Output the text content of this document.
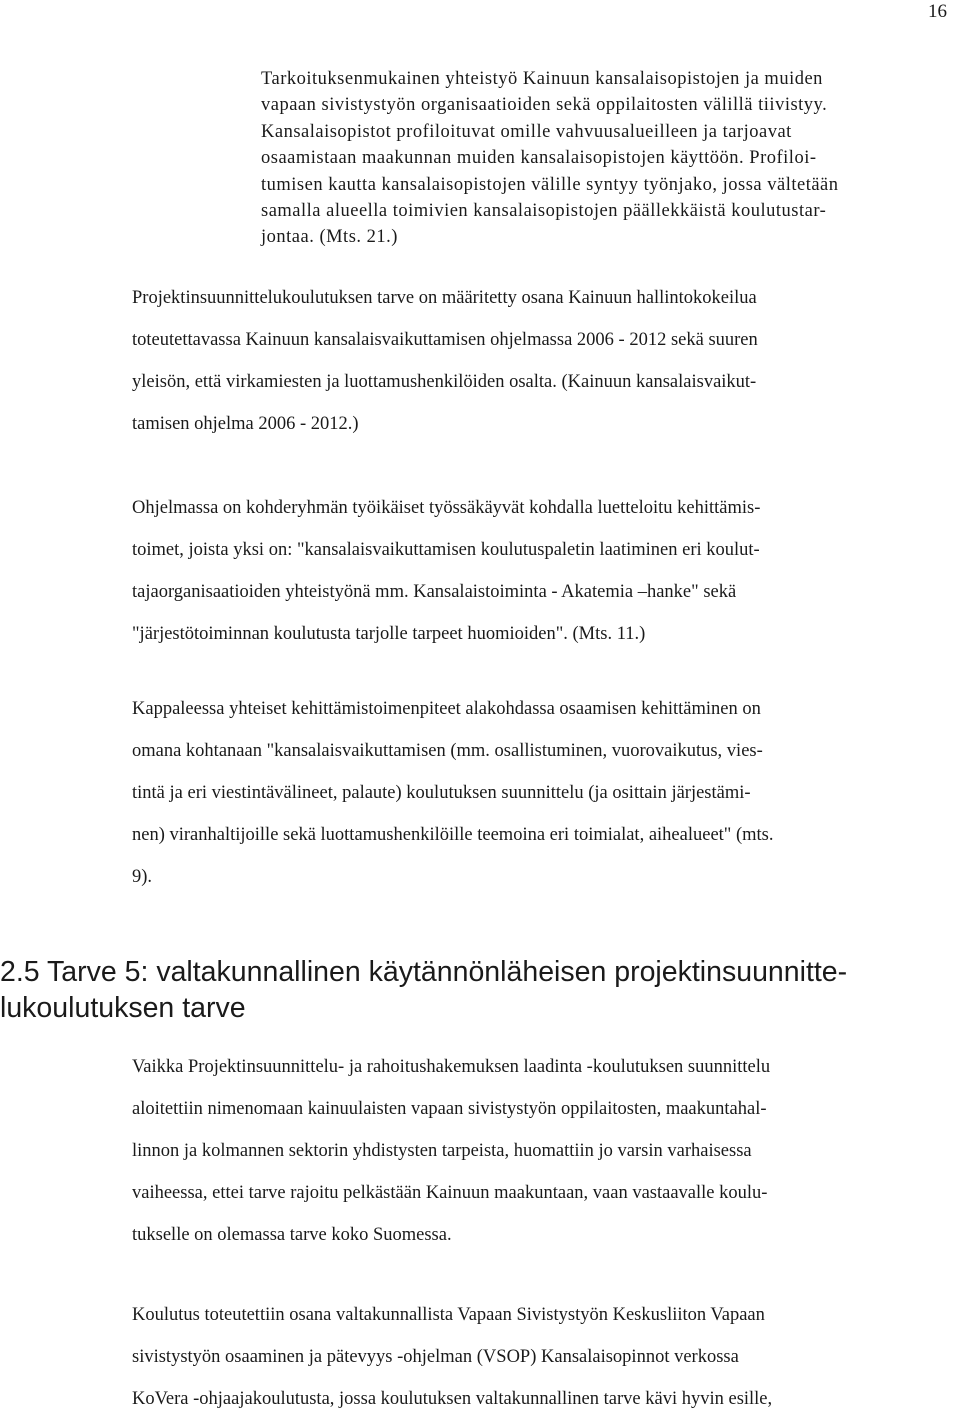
16
Tarkoituksenmukainen yhteistyö Kainuun kansalaisopistojen ja muiden
vapaan sivistystyön organisaatioiden sekä oppilaitosten välillä tiivistyy.
Kansalaisopistot profiloituvat omille vahvuusalueilleen ja tarjoavat
osaamistaan maakunnan muiden kansalaisopistojen käyttöön. Profiloi-
tumisen kautta kansalaisopistojen välille syntyy työnjako, jossa vältetään
samalla alueella toimivien kansalaisopistojen päällekkäistä koulutustar-
jontaa. (Mts. 21.)
Projektinsuunnittelukoulutuksen tarve on määritetty osana Kainuun hallintokokeilua
toteutettavassa Kainuun kansalaisvaikuttamisen ohjelmassa 2006 - 2012 sekä suuren
yleisön, että virkamiesten ja luottamushenkilöiden osalta. (Kainuun kansalaisvaikut-
tamisen ohjelma 2006 - 2012.)
Ohjelmassa on kohderyhmän työikäiset työssäkäyvät kohdalla luetteloitu kehittämis-
toimet, joista yksi on: "kansalaisvaikuttamisen koulutuspaletin laatiminen eri koulut-
tajaorganisaatioiden yhteistyönä mm. Kansalaistoiminta - Akatemia –hanke" sekä
"järjestötoiminnan koulutusta tarjolle tarpeet huomioiden". (Mts. 11.)
Kappaleessa yhteiset kehittämistoimenpiteet alakohdassa osaamisen kehittäminen on
omana kohtanaan "kansalaisvaikuttamisen (mm. osallistuminen, vuorovaikutus, vies-
tintä ja eri viestintävälineet, palaute) koulutuksen suunnittelu (ja osittain järjestämi-
nen) viranhaltijoille sekä luottamushenkilöille teemoina eri toimialat, aihealueet" (mts.
9).
2.5 Tarve 5: valtakunnallinen käytännönläheisen projektinsuunnitte-
lukoulutuksen tarve
Vaikka Projektinsuunnittelu- ja rahoitushakemuksen laadinta -koulutuksen suunnittelu
aloitettiin nimenomaan kainuulaisten vapaan sivistystyön oppilaitosten, maakuntahal-
linnon ja kolmannen sektorin yhdistysten tarpeista, huomattiin jo varsin varhaisessa
vaiheessa, ettei tarve rajoitu pelkästään Kainuun maakuntaan, vaan vastaavalle koulu-
tukselle on olemassa tarve koko Suomessa.
Koulutus toteutettiin osana valtakunnallista Vapaan Sivistystyön Keskusliiton Vapaan
sivistystyön osaaminen ja pätevyys -ohjelman (VSOP) Kansalaisopinnot verkossa
KoVera -ohjaajakoulutusta, jossa koulutuksen valtakunnallinen tarve kävi hyvin esille,
